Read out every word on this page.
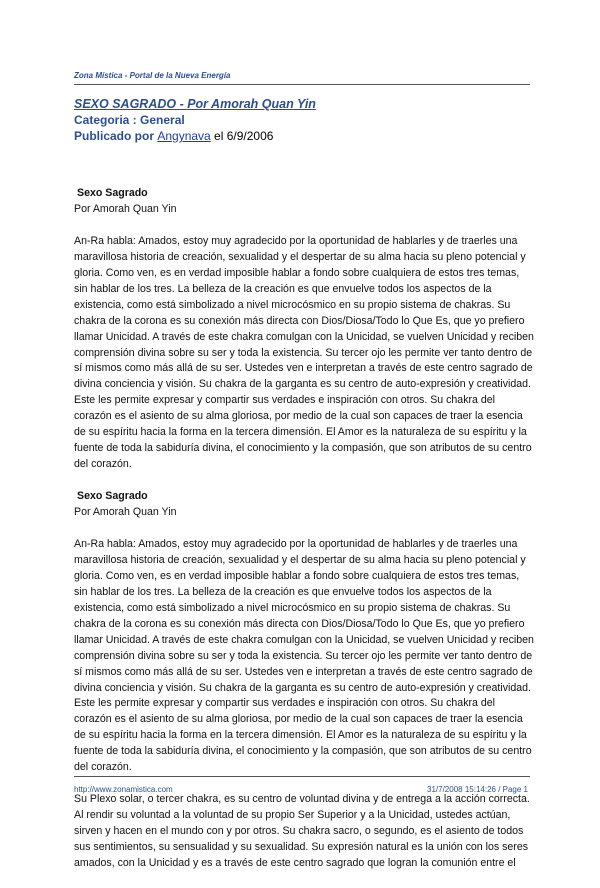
Zona Mística - Portal de la Nueva Energía
SEXO SAGRADO - Por Amorah Quan Yin
Categoria : General
Publicado por Angynava el 6/9/2006

Sexo Sagrado

Por Amorah Quan Yin

An-Ra habla: Amados, estoy muy agradecido por la oportunidad de hablarles y de traerles una maravillosa historia de creación, sexualidad y el despertar de su alma hacia su pleno potencial y gloria. Como ven, es en verdad imposible hablar a fondo sobre cualquiera de estos tres temas, sin hablar de los tres. La belleza de la creación es que envuelve todos los aspectos de la existencia, como está simbolizado a nivel microcósmico en su propio sistema de chakras. Su chakra de la corona es su conexión más directa con Dios/Diosa/Todo lo Que Es, que yo prefiero llamar Unicidad. A través de este chakra comulgan con la Unicidad, se vuelven Unicidad y reciben comprensión divina sobre su ser y toda la existencia. Su tercer ojo les permite ver tanto dentro de sí mismos como más allá de su ser. Ustedes ven e interpretan a través de este centro sagrado de divina conciencia y visión. Su chakra de la garganta es su centro de auto-expresión y creatividad. Este les permite expresar y compartir sus verdades e inspiración con otros. Su chakra del corazón es el asiento de su alma gloriosa, por medio de la cual son capaces de traer la esencia de su espíritu hacia la forma en la tercera dimensión. El Amor es la naturaleza de su espíritu y la fuente de toda la sabiduría divina, el conocimiento y la compasión, que son atributos de su centro del corazón.

Sexo Sagrado

Por Amorah Quan Yin

An-Ra habla: Amados, estoy muy agradecido por la oportunidad de hablarles y de traerles una maravillosa historia de creación, sexualidad y el despertar de su alma hacia su pleno potencial y gloria. Como ven, es en verdad imposible hablar a fondo sobre cualquiera de estos tres temas, sin hablar de los tres. La belleza de la creación es que envuelve todos los aspectos de la existencia, como está simbolizado a nivel microcósmico en su propio sistema de chakras. Su chakra de la corona es su conexión más directa con Dios/Diosa/Todo lo Que Es, que yo prefiero llamar Unicidad. A través de este chakra comulgan con la Unicidad, se vuelven Unicidad y reciben comprensión divina sobre su ser y toda la existencia. Su tercer ojo les permite ver tanto dentro de sí mismos como más allá de su ser. Ustedes ven e interpretan a través de este centro sagrado de divina conciencia y visión. Su chakra de la garganta es su centro de auto-expresión y creatividad. Este les permite expresar y compartir sus verdades e inspiración con otros. Su chakra del corazón es el asiento de su alma gloriosa, por medio de la cual son capaces de traer la esencia de su espíritu hacia la forma en la tercera dimensión. El Amor es la naturaleza de su espíritu y la fuente de toda la sabiduría divina, el conocimiento y la compasión, que son atributos de su centro del corazón.

Su Plexo solar, o tercer chakra, es su centro de voluntad divina y de entrega a la acción correcta. Al rendir su voluntad a la voluntad de su propio Ser Superior y a la Unicidad, ustedes actúan, sirven y hacen en el mundo con y por otros. Su chakra sacro, o segundo, es el asiento de todos sus sentimientos, su sensualidad y su sexualidad. Su expresión natural es la unión con los seres amados, con la Unicidad y es a través de este centro sagrado que logran la comunión entre el

http://www.zonamistica.com	31/7/2008 15:14:26 / Page 1
